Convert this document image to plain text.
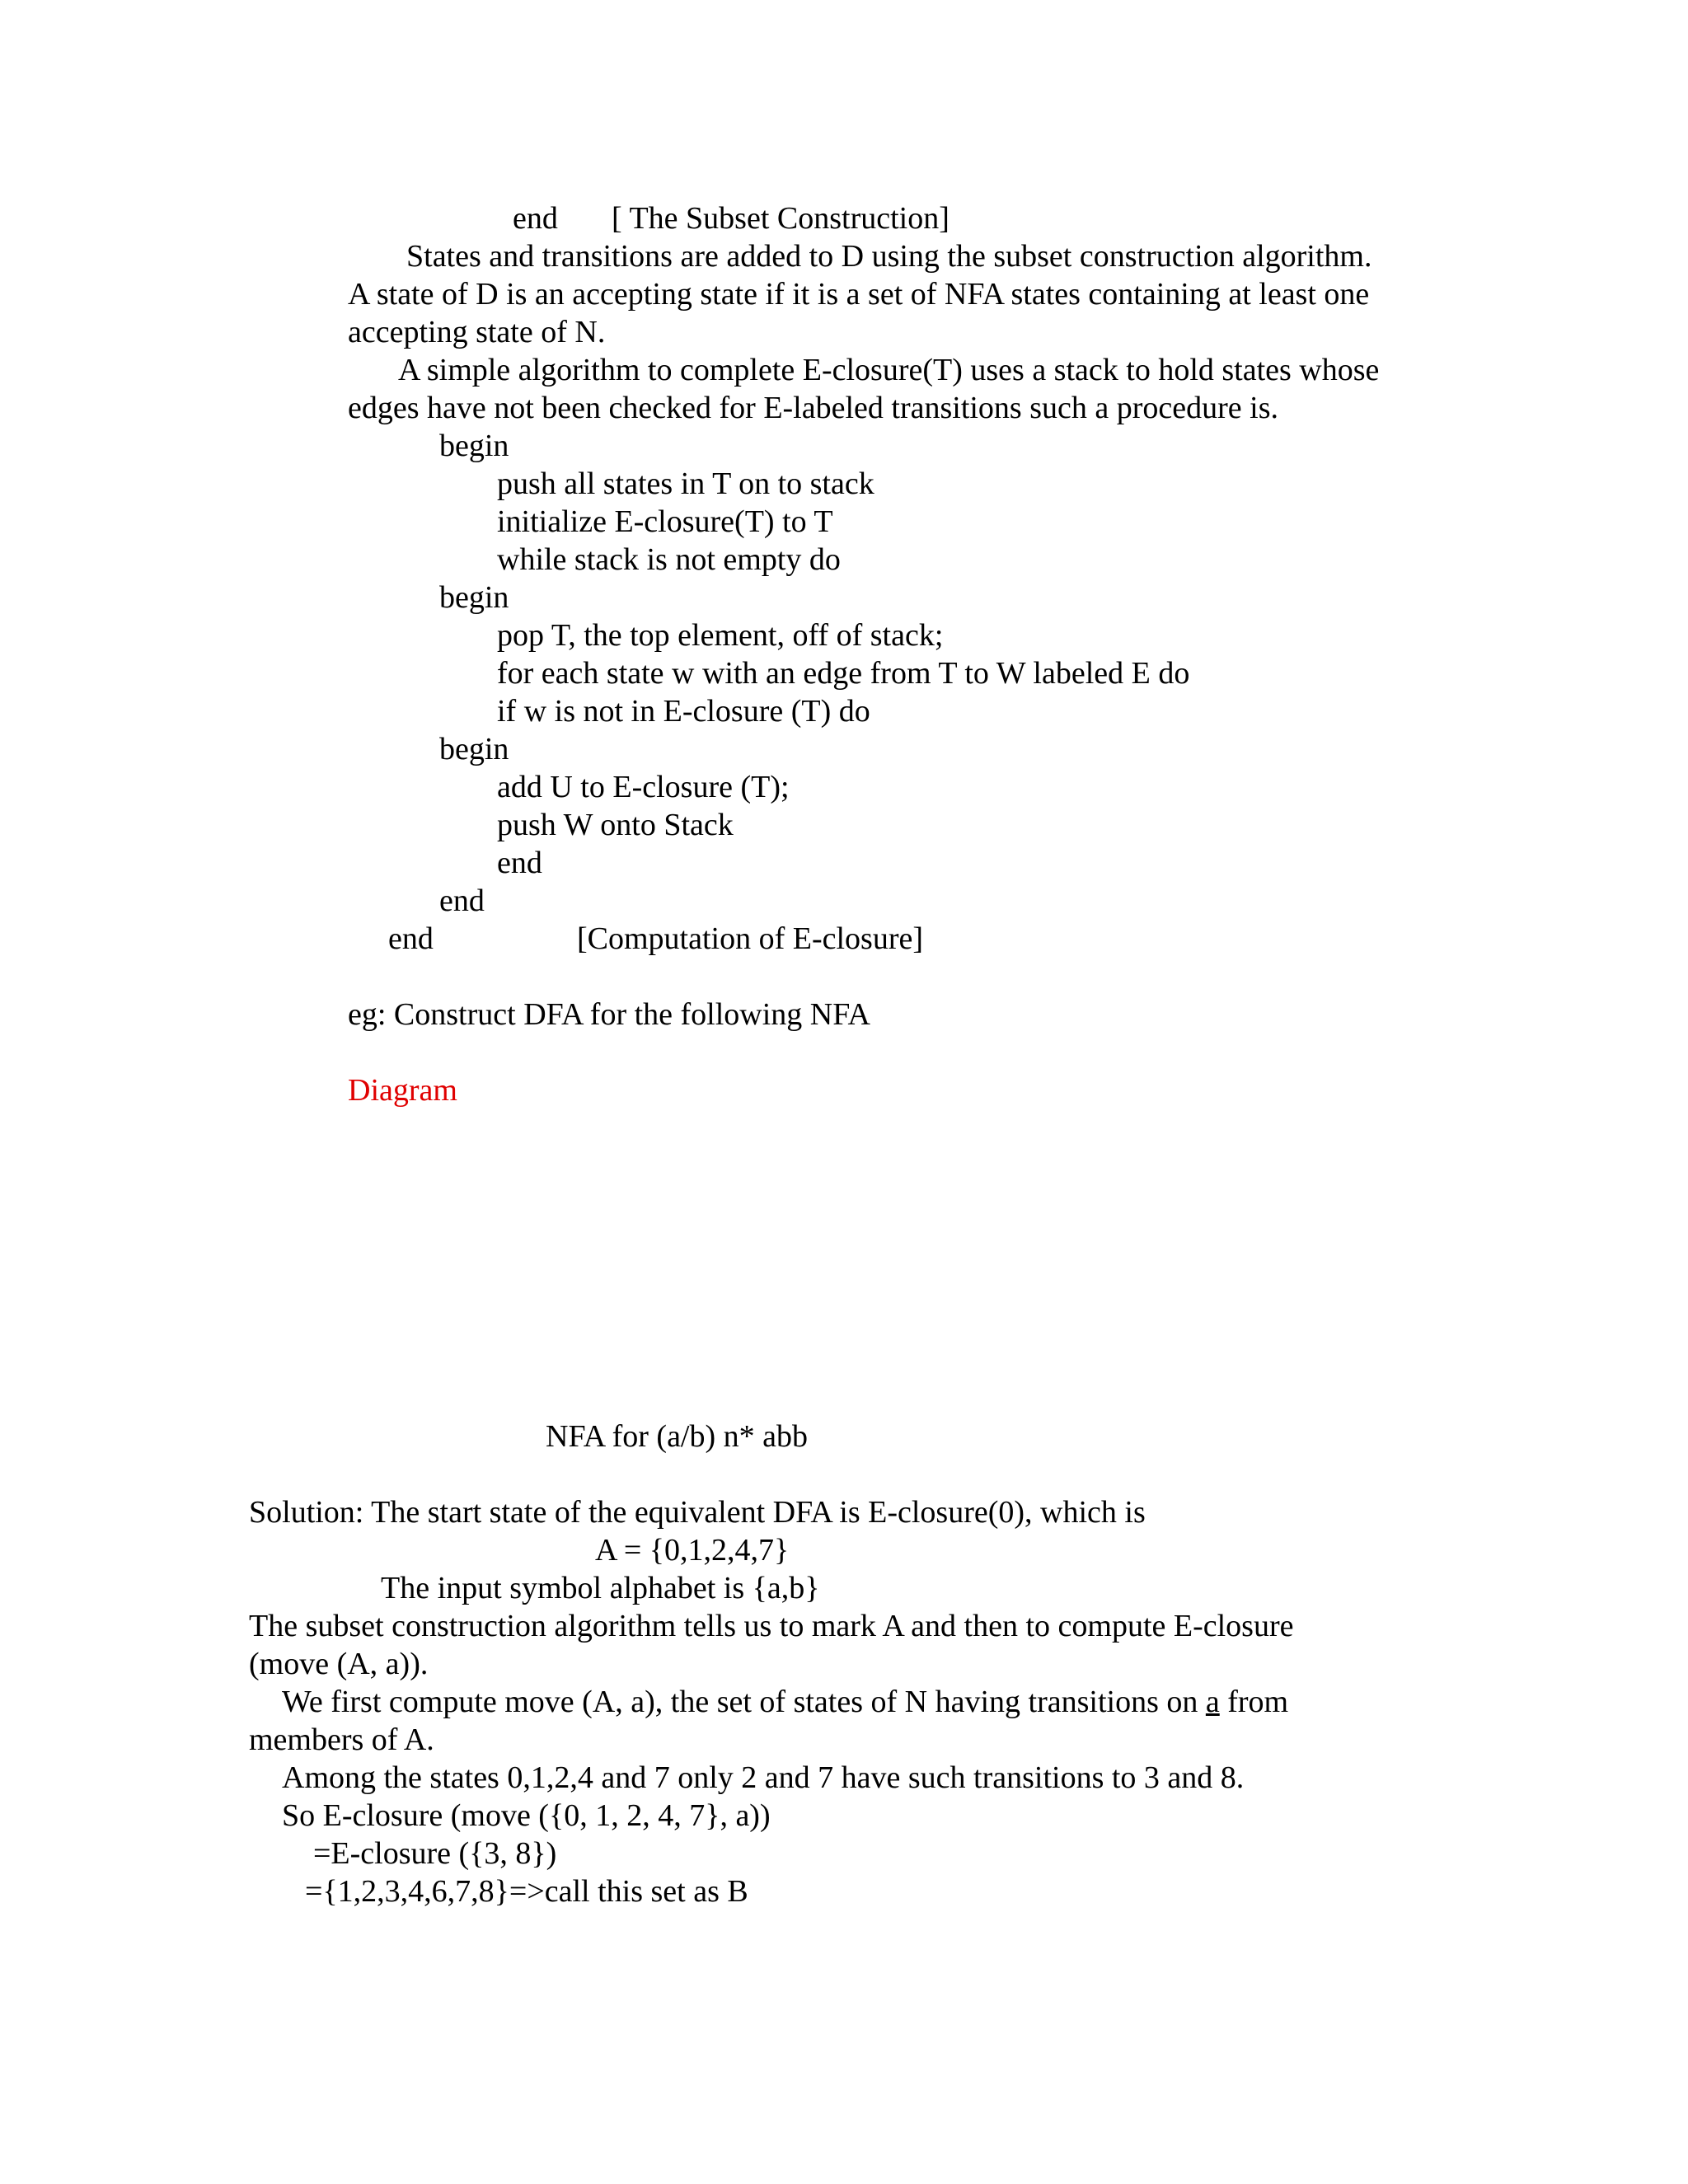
end [ The Subset Construction]

States and transitions are added to D using the subset construction algorithm.

A state of D is an accepting state if it is a set of NFA states containing at least one

accepting state of N.

A simple algorithm to complete E-closure(T) uses a stack to hold states whose

edges have not been checked for E-labeled transitions such a procedure is.

begin

push all states in T on to stack

initialize E-closure(T) to T

while stack is not empty do

begin

pop T, the top element, off of stack;

for each state w with an edge from T to W labeled E do

if w is not in E-closure (T) do

begin

add U to E-closure (T);

push W onto Stack

end

end

end	[Computation of E-closure]

eg: Construct DFA for the following NFA

Diagram

NFA for (a/b) n* abb

Solution: The start state of the equivalent DFA is E-closure(0), which is

A = {0,1,2,4,7}

The input symbol alphabet is {a,b}

The subset construction algorithm tells us to mark A and then to compute E-closure

(move (A, a)).

We first compute move (A, a), the set of states of N having transitions on a from

members of A.

Among the states 0,1,2,4 and 7 only 2 and 7 have such transitions to 3 and 8.

So E-closure (move ({0, 1, 2, 4, 7}, a))

=E-closure ({3, 8})

={1,2,3,4,6,7,8}=>call this set as B
